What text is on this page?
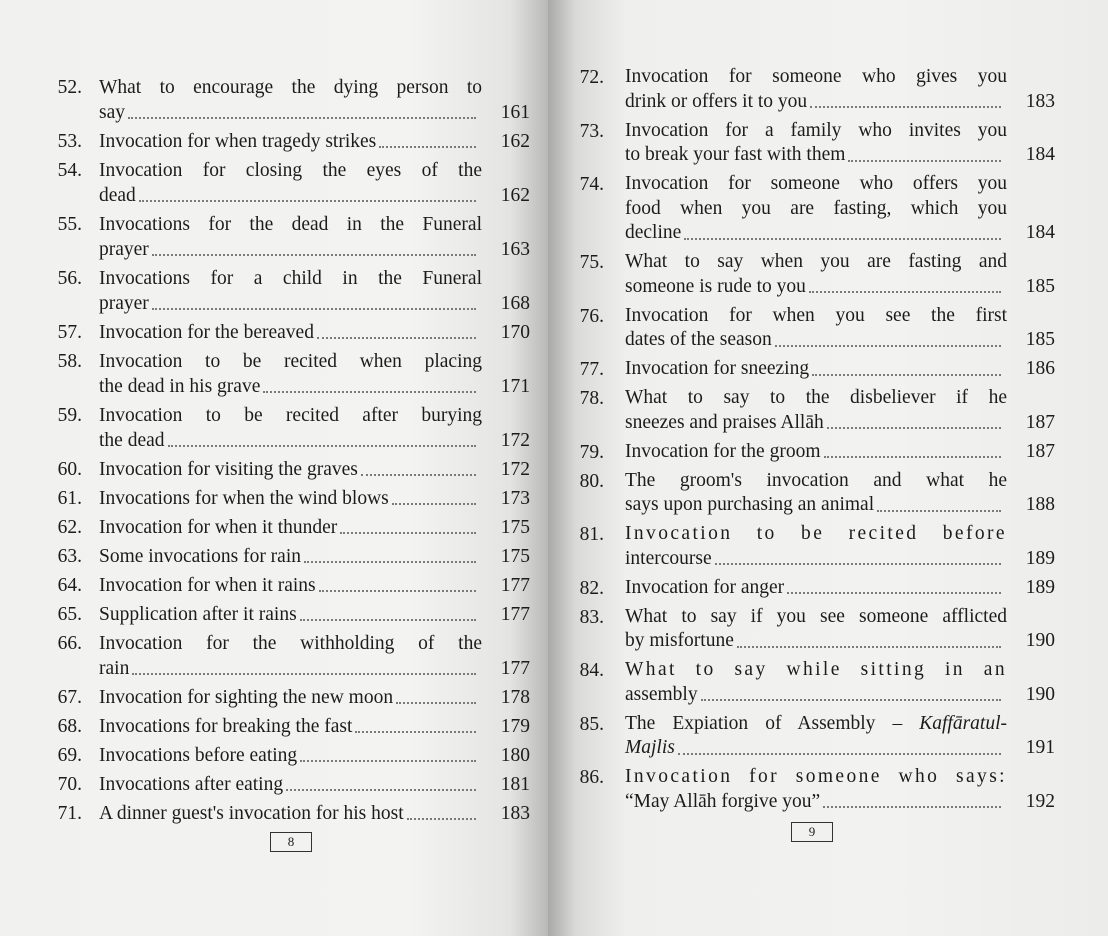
52. What to encourage the dying person to
say	161
53. Invocation for when tragedy strikes	162
54. Invocation for closing the eyes of the
dead	162
55. Invocations for the dead in the Funeral
prayer	163
56. Invocations for a child in the Funeral
prayer	168
57. Invocation for the bereaved	170
58. Invocation to be recited when placing
the dead in his grave	171
59. Invocation to be recited after burying
the dead	172
60. Invocation for visiting the graves	172
61. Invocations for when the wind blows	173
62. Invocation for when it thunder	175
63. Some invocations for rain	175
64. Invocation for when it rains	177
65. Supplication after it rains	177
66. Invocation for the withholding of the
rain	177
67. Invocation for sighting the new moon	178
68. Invocations for breaking the fast	179
69. Invocations before eating	180
70. Invocations after eating	181
71. A dinner guest's invocation for his host	183
8
72. Invocation for someone who gives you
drink or offers it to you	183
73. Invocation for a family who invites you
to break your fast with them	184
74. Invocation for someone who offers you
food when you are fasting, which you
decline	184
75. What to say when you are fasting and
someone is rude to you	185
76. Invocation for when you see the first
dates of the season	185
77. Invocation for sneezing	186
78. What to say to the disbeliever if he
sneezes and praises Allāh	187
79. Invocation for the groom	187
80. The groom's invocation and what he
says upon purchasing an animal	188
81. Invocation to be recited before
intercourse	189
82. Invocation for anger	189
83. What to say if you see someone afflicted
by misfortune	190
84. What to say while sitting in an
assembly	190
85. The Expiation of Assembly – Kaffāratul-
Majlis	191
86. Invocation for someone who says:
“May Allāh forgive you”	192
9
